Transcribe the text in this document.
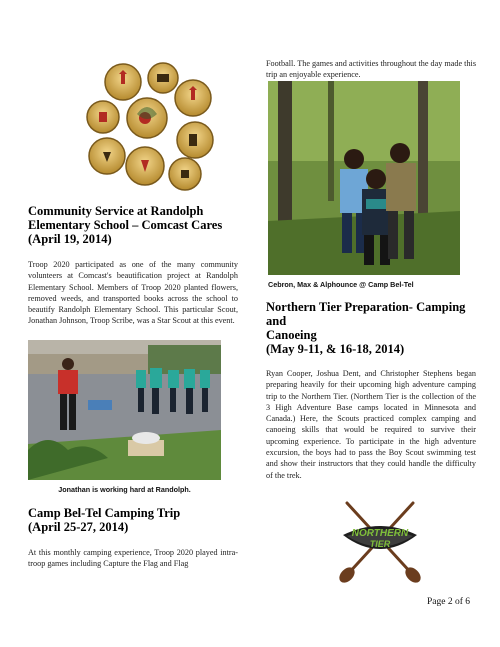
Community Service at Randolph
Elementary School – Comcast Cares
(April 19, 2014)

Troop 2020 participated as one of the many community volunteers at Comcast's beautification project at Randolph Elementary School. Members of Troop 2020 planted flowers, removed weeds, and transported books across the school to beautify Randolph Elementary School. This particular Scout, Jonathan Johnson, Troop Scribe, was a Star Scout at this event.

Jonathan is working hard at Randolph.
Camp Bel-Tel Camping Trip
(April 25-27, 2014)

At this monthly camping experience, Troop 2020 played intra-troop games including Capture the Flag and Flag

Football. The games and activities throughout the day made this trip an enjoyable experience.

Cebron, Max & Alphounce @ Camp Bel-Tel
Northern Tier Preparation- Camping and
Canoeing
(May 9-11, & 16-18, 2014)

Ryan Cooper, Joshua Dent, and Christopher Stephens began preparing heavily for their upcoming high adventure camping trip to the Northern Tier. (Northern Tier is the collection of the 3 High Adventure Base camps located in Minnesota and Canada.) Here, the Scouts practiced complex camping and canoeing skills that would be required to survive their upcoming experience. To participate in the high adventure excursion, the boys had to pass the Boy Scout swimming test and show their instructors that they could handle the difficulty of the trek.

NORTHERN
TIER
Page 2 of 6
